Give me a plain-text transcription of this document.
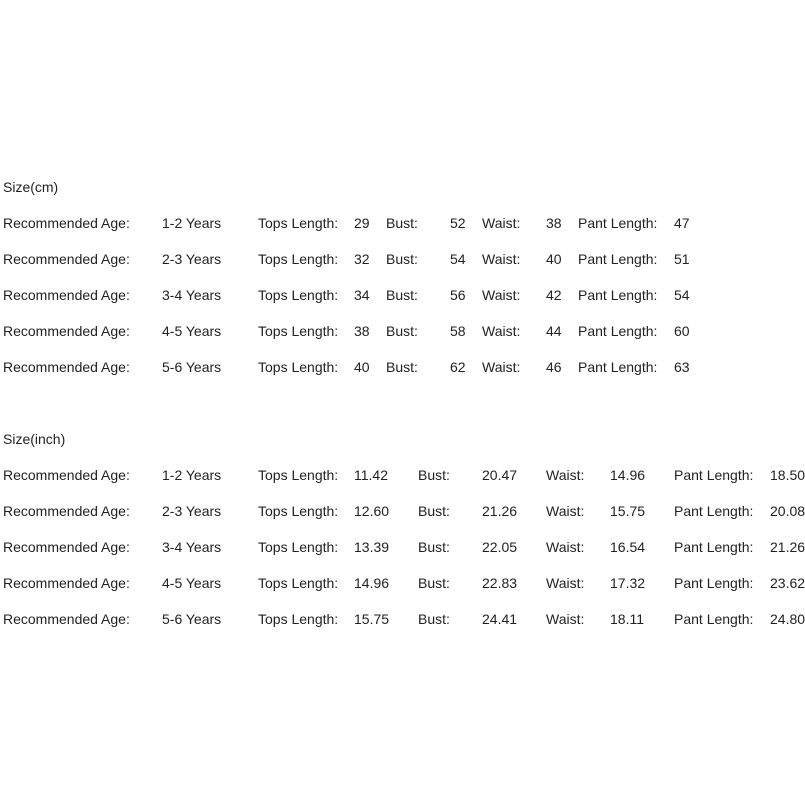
Size(cm)
Recommended Age: 1-2 Years	Tops Length: 29 Bust: 52 Waist: 38 Pant Length: 47
Recommended Age: 2-3 Years	Tops Length: 32 Bust: 54 Waist: 40 Pant Length: 51
Recommended Age: 3-4 Years	Tops Length: 34 Bust: 56 Waist: 42 Pant Length: 54
Recommended Age: 4-5 Years	Tops Length: 38 Bust: 58 Waist: 44 Pant Length: 60
Recommended Age: 5-6 Years	Tops Length: 40 Bust: 62 Waist: 46 Pant Length: 63
Size(inch)
Recommended Age: 1-2 Years	Tops Length: 11.42 Bust: 20.47 Waist: 14.96 Pant Length: 18.50
Recommended Age: 2-3 Years	Tops Length: 12.60 Bust: 21.26 Waist: 15.75 Pant Length: 20.08
Recommended Age: 3-4 Years	Tops Length: 13.39 Bust: 22.05 Waist: 16.54 Pant Length: 21.26
Recommended Age: 4-5 Years	Tops Length: 14.96 Bust: 22.83 Waist: 17.32 Pant Length: 23.62
Recommended Age: 5-6 Years	Tops Length: 15.75 Bust: 24.41 Waist: 18.11 Pant Length: 24.80
